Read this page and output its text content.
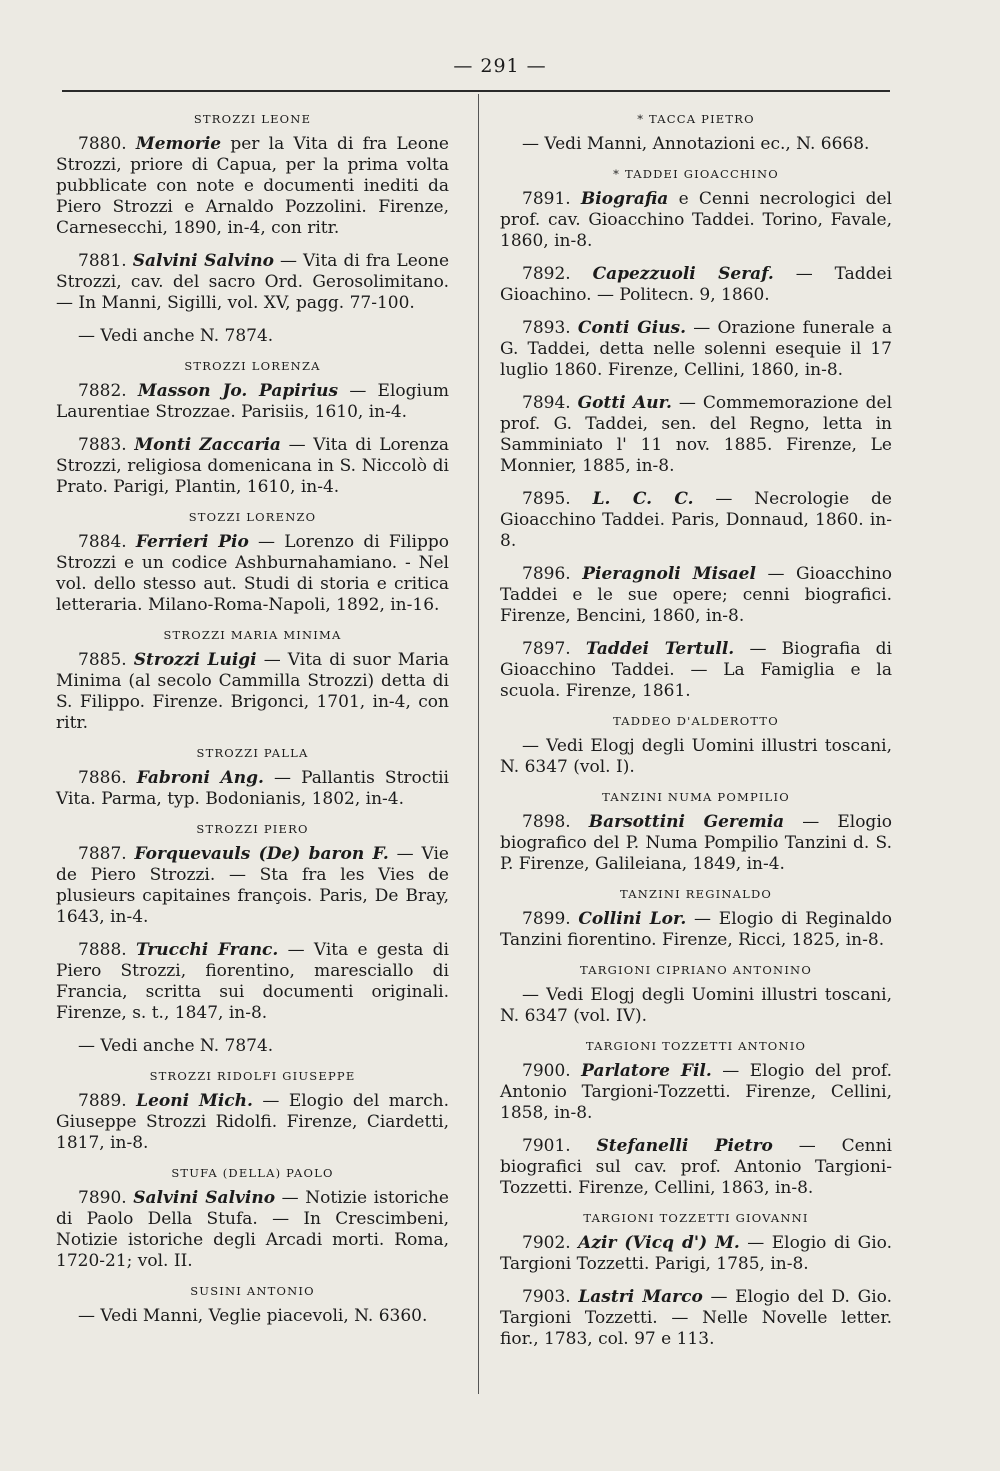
— 291 —
STROZZI LEONE

7880. Memorie per la Vita di fra Leone Strozzi, priore di Capua, per la prima volta pubblicate con note e documenti inediti da Piero Strozzi e Arnaldo Pozzolini. Firenze, Carnesecchi, 1890, in-4, con ritr.

7881. Salvini Salvino — Vita di fra Leone Strozzi, cav. del sacro Ord. Gerosolimitano. — In Manni, Sigilli, vol. XV, pagg. 77-100.

— Vedi anche N. 7874.

STROZZI LORENZA

7882. Masson Jo. Papirius — Elogium Laurentiae Strozzae. Parisiis, 1610, in-4.

7883. Monti Zaccaria — Vita di Lorenza Strozzi, religiosa domenicana in S. Niccolò di Prato. Parigi, Plantin, 1610, in-4.

STOZZI LORENZO

7884. Ferrieri Pio — Lorenzo di Filippo Strozzi e un codice Ashburnahamiano. - Nel vol. dello stesso aut. Studi di storia e critica letteraria. Milano-Roma-Napoli, 1892, in-16.

STROZZI MARIA MINIMA

7885. Strozzi Luigi — Vita di suor Maria Minima (al secolo Cammilla Strozzi) detta di S. Filippo. Firenze. Brigonci, 1701, in-4, con ritr.

STROZZI PALLA

7886. Fabroni Ang. — Pallantis Stroctii Vita. Parma, typ. Bodonianis, 1802, in-4.

STROZZI PIERO

7887. Forquevauls (De) baron F. — Vie de Piero Strozzi. — Sta fra les Vies de plusieurs capitaines françois. Paris, De Bray, 1643, in-4.

7888. Trucchi Franc. — Vita e gesta di Piero Strozzi, fiorentino, maresciallo di Francia, scritta sui documenti originali. Firenze, s. t., 1847, in-8.

— Vedi anche N. 7874.

STROZZI RIDOLFI GIUSEPPE

7889. Leoni Mich. — Elogio del march. Giuseppe Strozzi Ridolfi. Firenze, Ciardetti, 1817, in-8.

STUFA (DELLA) PAOLO

7890. Salvini Salvino — Notizie istoriche di Paolo Della Stufa. — In Crescimbeni, Notizie istoriche degli Arcadi morti. Roma, 1720-21; vol. II.

SUSINI ANTONIO

— Vedi Manni, Veglie piacevoli, N. 6360.

* TACCA PIETRO

— Vedi Manni, Annotazioni ec., N. 6668.

* TADDEI GIOACCHINO

7891. Biografia e Cenni necrologici del prof. cav. Gioacchino Taddei. Torino, Favale, 1860, in-8.

7892. Capezzuoli Seraf. — Taddei Gioachino. — Politecn. 9, 1860.

7893. Conti Gius. — Orazione funerale a G. Taddei, detta nelle solenni esequie il 17 luglio 1860. Firenze, Cellini, 1860, in-8.

7894. Gotti Aur. — Commemorazione del prof. G. Taddei, sen. del Regno, letta in Samminiato l' 11 nov. 1885. Firenze, Le Monnier, 1885, in-8.

7895. L. C. C. — Necrologie de Gioacchino Taddei. Paris, Donnaud, 1860. in-8.

7896. Pieragnoli Misael — Gioacchino Taddei e le sue opere; cenni biografici. Firenze, Bencini, 1860, in-8.

7897. Taddei Tertull. — Biografia di Gioacchino Taddei. — La Famiglia e la scuola. Firenze, 1861.

TADDEO D'ALDEROTTO

— Vedi Elogj degli Uomini illustri toscani, N. 6347 (vol. I).

TANZINI NUMA POMPILIO

7898. Barsottini Geremia — Elogio biografico del P. Numa Pompilio Tanzini d. S. P. Firenze, Galileiana, 1849, in-4.

TANZINI REGINALDO

7899. Collini Lor. — Elogio di Reginaldo Tanzini fiorentino. Firenze, Ricci, 1825, in-8.

TARGIONI CIPRIANO ANTONINO

— Vedi Elogj degli Uomini illustri toscani, N. 6347 (vol. IV).

TARGIONI TOZZETTI ANTONIO

7900. Parlatore Fil. — Elogio del prof. Antonio Targioni-Tozzetti. Firenze, Cellini, 1858, in-8.

7901. Stefanelli Pietro — Cenni biografici sul cav. prof. Antonio Targioni-Tozzetti. Firenze, Cellini, 1863, in-8.

TARGIONI TOZZETTI GIOVANNI

7902. Azir (Vicq d') M. — Elogio di Gio. Targioni Tozzetti. Parigi, 1785, in-8.

7903. Lastri Marco — Elogio del D. Gio. Targioni Tozzetti. — Nelle Novelle letter. fior., 1783, col. 97 e 113.
